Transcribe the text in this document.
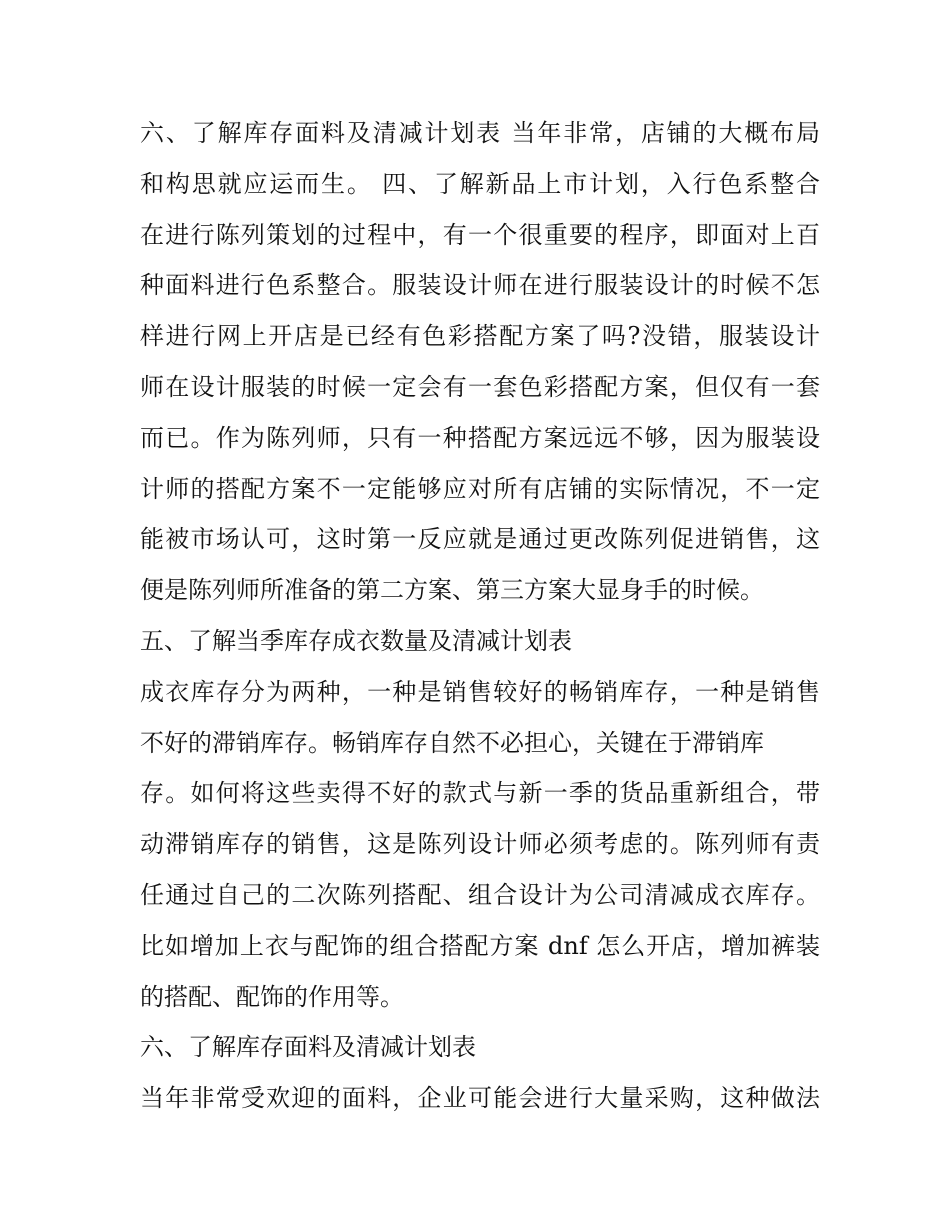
六、了解库存面料及清减计划表 当年非常，店铺的大概布局
和构思就应运而生。 四、了解新品上市计划，入行色系整合
在进行陈列策划的过程中，有一个很重要的程序，即面对上百
种面料进行色系整合。服装设计师在进行服装设计的时候不怎
样进行网上开店是已经有色彩搭配方案了吗?没错，服装设计
师在设计服装的时候一定会有一套色彩搭配方案，但仅有一套
而已。作为陈列师，只有一种搭配方案远远不够，因为服装设
计师的搭配方案不一定能够应对所有店铺的实际情况，不一定
能被市场认可，这时第一反应就是通过更改陈列促进销售，这
便是陈列师所准备的第二方案、第三方案大显身手的时候。
五、了解当季库存成衣数量及清减计划表
成衣库存分为两种，一种是销售较好的畅销库存，一种是销售
不好的滞销库存。畅销库存自然不必担心，关键在于滞销库
存。如何将这些卖得不好的款式与新一季的货品重新组合，带
动滞销库存的销售，这是陈列设计师必须考虑的。陈列师有责
任通过自己的二次陈列搭配、组合设计为公司清减成衣库存。
比如增加上衣与配饰的组合搭配方案 dnf 怎么开店，增加裤装
的搭配、配饰的作用等。
六、了解库存面料及清减计划表
当年非常受欢迎的面料，企业可能会进行大量采购，这种做法
